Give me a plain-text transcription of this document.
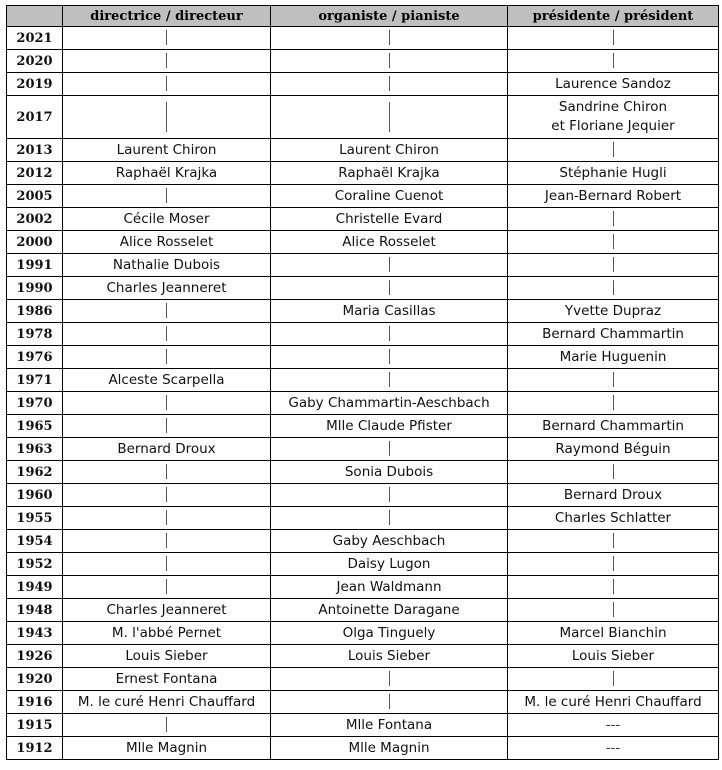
	directrice / directeur	organiste / pianiste	présidente / président
2021			
2020			
2019			Laurence Sandoz

2017			Sandrine Chiron
et Floriane Jequier

2013	Laurent Chiron	Laurent Chiron	

2012	Raphaël Krajka	Raphaël Krajka	Stéphanie Hugli

2005		Coraline Cuenot	Jean-Bernard Robert

2002	Cécile Moser	Christelle Evard	

2000	Alice Rosselet	Alice Rosselet	

1991	Nathalie Dubois		

1990	Charles Jeanneret		

1986		Maria Casillas	Yvette Dupraz

1978			Bernard Chammartin

1976			Marie Huguenin

1971	Alceste Scarpella		

1970		Gaby Chammartin-Aeschbach	

1965		Mlle Claude Pfister	Bernard Chammartin

1963	Bernard Droux		Raymond Béguin

1962		Sonia Dubois	

1960			Bernard Droux

1955			Charles Schlatter

1954		Gaby Aeschbach	

1952		Daisy Lugon	

1949		Jean Waldmann	

1948	Charles Jeanneret	Antoinette Daragane	

1943	M. l'abbé Pernet	Olga Tinguely	Marcel Bianchin

1926	Louis Sieber	Louis Sieber	Louis Sieber

1920	Ernest Fontana		

1916	M. le curé Henri Chauffard		M. le curé Henri Chauffard

1915		Mlle Fontana	---

1912	Mlle Magnin	Mlle Magnin	---
